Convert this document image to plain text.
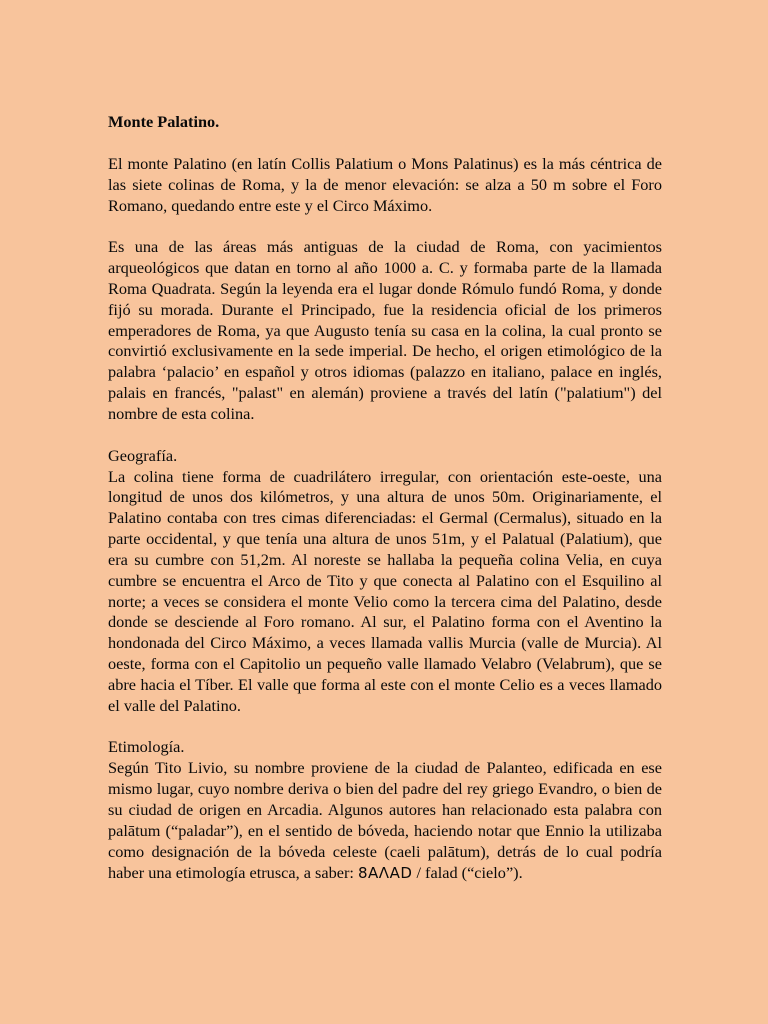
Monte Palatino.

El monte Palatino (en latín Collis Palatium o Mons Palatinus) es la más céntrica de las siete colinas de Roma, y la de menor elevación: se alza a 50 m sobre el Foro Romano, quedando entre este y el Circo Máximo.

Es una de las áreas más antiguas de la ciudad de Roma, con yacimientos arqueológicos que datan en torno al año 1000 a. C. y formaba parte de la llamada Roma Quadrata. Según la leyenda era el lugar donde Rómulo fundó Roma, y donde fijó su morada. Durante el Principado, fue la residencia oficial de los primeros emperadores de Roma, ya que Augusto tenía su casa en la colina, la cual pronto se convirtió exclusivamente en la sede imperial. De hecho, el origen etimológico de la palabra ‘palacio’ en español y otros idiomas (palazzo en italiano, palace en inglés, palais en francés, "palast" en alemán) proviene a través del latín ("palatium") del nombre de esta colina.

Geografía.

La colina tiene forma de cuadrilátero irregular, con orientación este-oeste, una longitud de unos dos kilómetros, y una altura de unos 50m. Originariamente, el Palatino contaba con tres cimas diferenciadas: el Germal (Cermalus), situado en la parte occidental, y que tenía una altura de unos 51m, y el Palatual (Palatium), que era su cumbre con 51,2m. Al noreste se hallaba la pequeña colina Velia, en cuya cumbre se encuentra el Arco de Tito y que conecta al Palatino con el Esquilino al norte; a veces se considera el monte Velio como la tercera cima del Palatino, desde donde se desciende al Foro romano. Al sur, el Palatino forma con el Aventino la hondonada del Circo Máximo, a veces llamada vallis Murcia (valle de Murcia). Al oeste, forma con el Capitolio un pequeño valle llamado Velabro (Velabrum), que se abre hacia el Tíber. El valle que forma al este con el monte Celio es a veces llamado el valle del Palatino.

Etimología.

Según Tito Livio, su nombre proviene de la ciudad de Palanteo, edificada en ese mismo lugar, cuyo nombre deriva o bien del padre del rey griego Evandro, o bien de su ciudad de origen en Arcadia. Algunos autores han relacionado esta palabra con palātum (“paladar”), en el sentido de bóveda, haciendo notar que Ennio la utilizaba como designación de la bóveda celeste (caeli palātum), detrás de lo cual podría haber una etimología etrusca, a saber: 8ΑΛΑD / falad (“cielo”).
